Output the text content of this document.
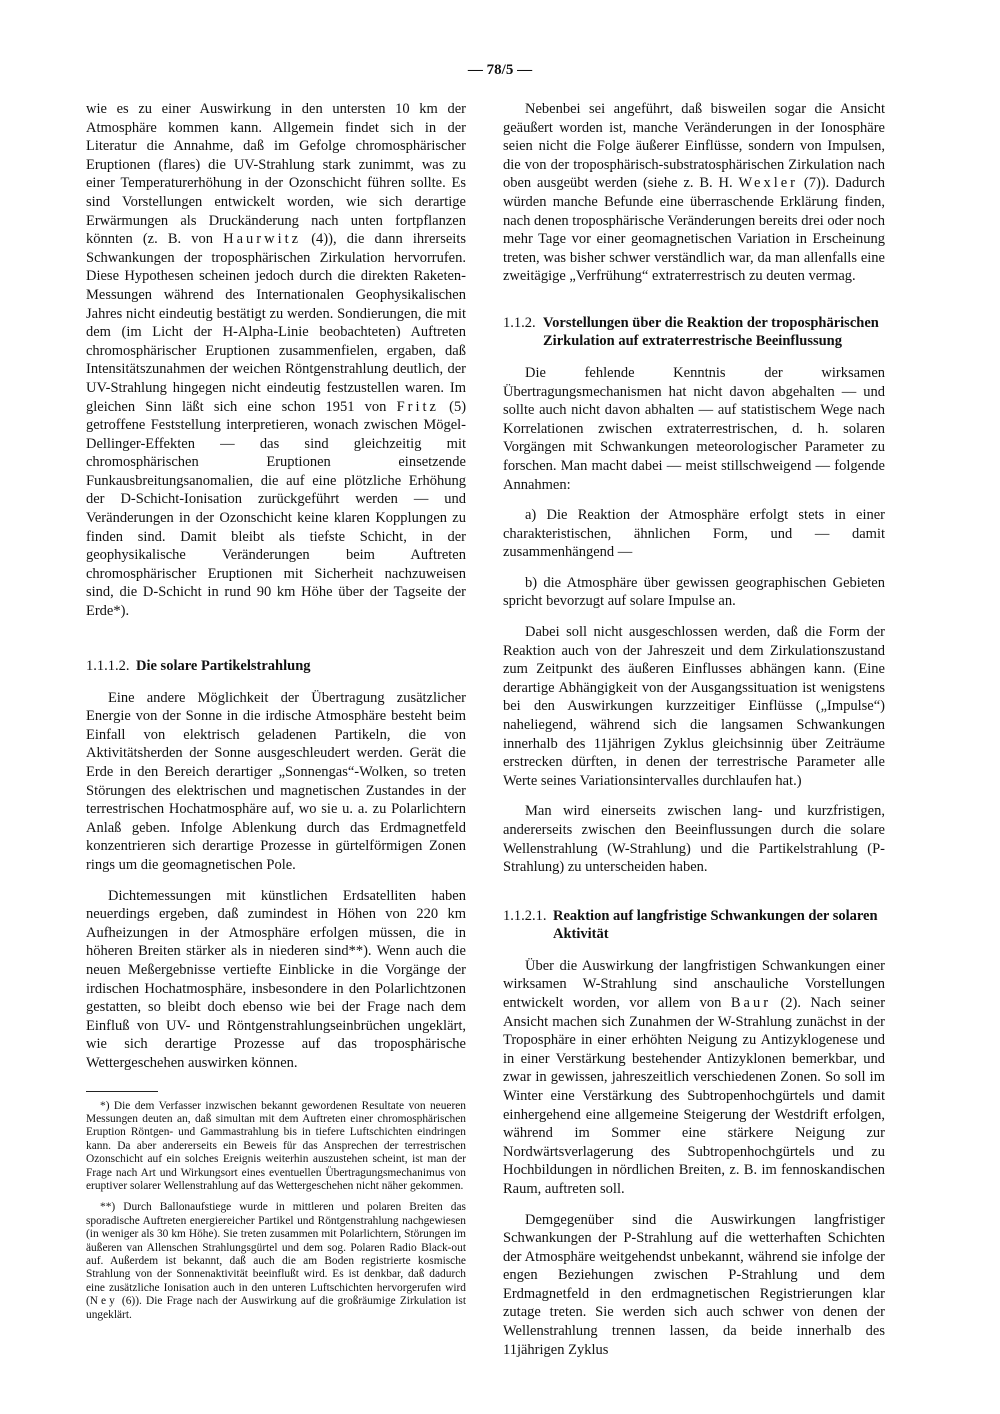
— 78/5 —

wie es zu einer Auswirkung in den untersten 10 km der Atmosphäre kommen kann. Allgemein findet sich in der Literatur die Annahme, daß im Gefolge chromosphärischer Eruptionen (flares) die UV-Strahlung stark zunimmt, was zu einer Temperaturerhöhung in der Ozonschicht führen sollte. Es sind Vorstellungen entwickelt worden, wie sich derartige Erwärmungen als Druckänderung nach unten fortpflanzen könnten (z. B. von Haurwitz (4)), die dann ihrerseits Schwankungen der troposphärischen Zirkulation hervorrufen. Diese Hypothesen scheinen jedoch durch die direkten Raketen-Messungen während des Internationalen Geophysikalischen Jahres nicht eindeutig bestätigt zu werden. Sondierungen, die mit dem (im Licht der H-Alpha-Linie beobachteten) Auftreten chromosphärischer Eruptionen zusammenfielen, ergaben, daß Intensitätszunahmen der weichen Röntgenstrahlung deutlich, der UV-Strahlung hingegen nicht eindeutig festzustellen waren. Im gleichen Sinn läßt sich eine schon 1951 von Fritz (5) getroffene Feststellung interpretieren, wonach zwischen Mögel-Dellinger-Effekten — das sind gleichzeitig mit chromosphärischen Eruptionen einsetzende Funkausbreitungsanomalien, die auf eine plötzliche Erhöhung der D-Schicht-Ionisation zurückgeführt werden — und Veränderungen in der Ozonschicht keine klaren Kopplungen zu finden sind. Damit bleibt als tiefste Schicht, in der geophysikalische Veränderungen beim Auftreten chromosphärischer Eruptionen mit Sicherheit nachzuweisen sind, die D-Schicht in rund 90 km Höhe über der Tagseite der Erde*).

1.1.1.2. Die solare Partikelstrahlung

Eine andere Möglichkeit der Übertragung zusätzlicher Energie von der Sonne in die irdische Atmosphäre besteht beim Einfall von elektrisch geladenen Partikeln, die von Aktivitätsherden der Sonne ausgeschleudert werden. Gerät die Erde in den Bereich derartiger „Sonnengas“-Wolken, so treten Störungen des elektrischen und magnetischen Zustandes in der terrestrischen Hochatmosphäre auf, wo sie u. a. zu Polarlichtern Anlaß geben. Infolge Ablenkung durch das Erdmagnetfeld konzentrieren sich derartige Prozesse in gürtelförmigen Zonen rings um die geomagnetischen Pole.

Dichtemessungen mit künstlichen Erdsatelliten haben neuerdings ergeben, daß zumindest in Höhen von 220 km Aufheizungen in der Atmosphäre erfolgen müssen, die in höheren Breiten stärker als in niederen sind**). Wenn auch die neuen Meßergebnisse vertiefte Einblicke in die Vorgänge der irdischen Hochatmosphäre, insbesondere in den Polarlichtzonen gestatten, so bleibt doch ebenso wie bei der Frage nach dem Einfluß von UV- und Röntgenstrahlungseinbrüchen ungeklärt, wie sich derartige Prozesse auf das troposphärische Wettergeschehen auswirken können.

*) Die dem Verfasser inzwischen bekannt gewordenen Resultate von neueren Messungen deuten an, daß simultan mit dem Auftreten einer chromosphärischen Eruption Röntgen- und Gammastrahlung bis in tiefere Luftschichten eindringen kann. Da aber andererseits ein Beweis für das Ansprechen der terrestrischen Ozonschicht auf ein solches Ereignis weiterhin auszustehen scheint, ist man der Frage nach Art und Wirkungsort eines eventuellen Übertragungsmechanimus von eruptiver solarer Wellenstrahlung auf das Wettergeschehen nicht näher gekommen.

**) Durch Ballonaufstiege wurde in mittleren und polaren Breiten das sporadische Auftreten energiereicher Partikel und Röntgenstrahlung nachgewiesen (in weniger als 30 km Höhe). Sie treten zusammen mit Polarlichtern, Störungen im äußeren van Allenschen Strahlungsgürtel und dem sog. Polaren Radio Black-out auf. Außerdem ist bekannt, daß auch die am Boden registrierte kosmische Strahlung von der Sonnenaktivität beeinflußt wird. Es ist denkbar, daß dadurch eine zusätzliche Ionisation auch in den unteren Luftschichten hervorgerufen wird (Ney (6)). Die Frage nach der Auswirkung auf die großräumige Zirkulation ist ungeklärt.

Nebenbei sei angeführt, daß bisweilen sogar die Ansicht geäußert worden ist, manche Veränderungen in der Ionosphäre seien nicht die Folge äußerer Einflüsse, sondern von Impulsen, die von der troposphärisch-substratosphärischen Zirkulation nach oben ausgeübt werden (siehe z. B. H. Wexler (7)). Dadurch würden manche Befunde eine überraschende Erklärung finden, nach denen troposphärische Veränderungen bereits drei oder noch mehr Tage vor einer geomagnetischen Variation in Erscheinung treten, was bisher schwer verständlich war, da man allenfalls eine zweitägige „Verfrühung“ extraterrestrisch zu deuten vermag.

1.1.2. Vorstellungen über die Reaktion der troposphärischen Zirkulation auf extraterrestrische Beeinflussung

Die fehlende Kenntnis der wirksamen Übertragungsmechanismen hat nicht davon abgehalten — und sollte auch nicht davon abhalten — auf statistischem Wege nach Korrelationen zwischen extraterrestrischen, d. h. solaren Vorgängen mit Schwankungen meteorologischer Parameter zu forschen. Man macht dabei — meist stillschweigend — folgende Annahmen:

a) Die Reaktion der Atmosphäre erfolgt stets in einer charakteristischen, ähnlichen Form, und — damit zusammenhängend —

b) die Atmosphäre über gewissen geographischen Gebieten spricht bevorzugt auf solare Impulse an.

Dabei soll nicht ausgeschlossen werden, daß die Form der Reaktion auch von der Jahreszeit und dem Zirkulationszustand zum Zeitpunkt des äußeren Einflusses abhängen kann. (Eine derartige Abhängigkeit von der Ausgangssituation ist wenigstens bei den Auswirkungen kurzzeitiger Einflüsse („Impulse“) naheliegend, während sich die langsamen Schwankungen innerhalb des 11jährigen Zyklus gleichsinnig über Zeiträume erstrecken dürften, in denen der terrestrische Parameter alle Werte seines Variationsintervalles durchlaufen hat.)

Man wird einerseits zwischen lang- und kurzfristigen, andererseits zwischen den Beeinflussungen durch die solare Wellenstrahlung (W-Strahlung) und die Partikelstrahlung (P-Strahlung) zu unterscheiden haben.

1.1.2.1. Reaktion auf langfristige Schwankungen der solaren Aktivität

Über die Auswirkung der langfristigen Schwankungen einer wirksamen W-Strahlung sind anschauliche Vorstellungen entwickelt worden, vor allem von Baur (2). Nach seiner Ansicht machen sich Zunahmen der W-Strahlung zunächst in der Troposphäre in einer erhöhten Neigung zu Antizyklogenese und in einer Verstärkung bestehender Antizyklonen bemerkbar, und zwar in gewissen, jahreszeitlich verschiedenen Zonen. So soll im Winter eine Verstärkung des Subtropenhochgürtels und damit einhergehend eine allgemeine Steigerung der Westdrift erfolgen, während im Sommer eine stärkere Neigung zur Nordwärtsverlagerung des Subtropenhochgürtels und zu Hochbildungen in nördlichen Breiten, z. B. im fennoskandischen Raum, auftreten soll.

Demgegenüber sind die Auswirkungen langfristiger Schwankungen der P-Strahlung auf die wetterhaften Schichten der Atmosphäre weitgehendst unbekannt, während sie infolge der engen Beziehungen zwischen P-Strahlung und dem Erdmagnetfeld in den erdmagnetischen Registrierungen klar zutage treten. Sie werden sich auch schwer von denen der Wellenstrahlung trennen lassen, da beide innerhalb des 11jährigen Zyklus
